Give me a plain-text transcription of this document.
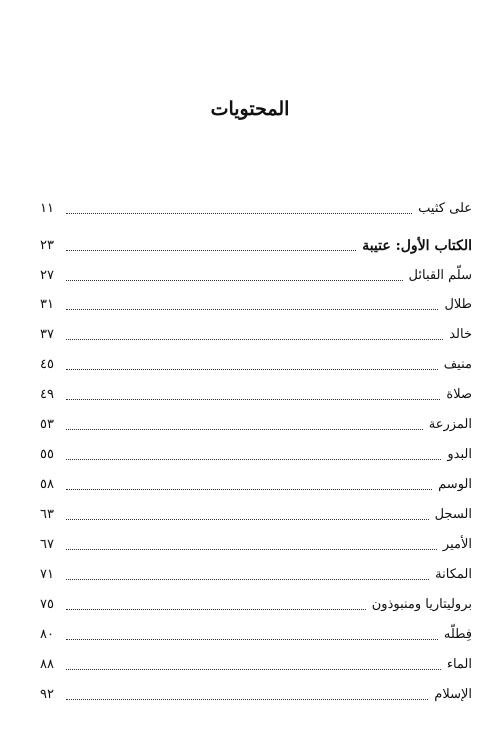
المحتويات
على كثيب
١١
الكتاب الأول: عتيبة
٢٣
سلّم القبائل
٢٧
طلال
٣١
خالد
٣٧
منيف
٤٥
صلاة
٤٩
المزرعة
٥٣
البدو
٥٥
الوسم
٥٨
السجل
٦٣
الأمير
٦٧
المكانة
٧١
بروليتاريا ومنبوذون
٧٥
فِطلّه
٨٠
الماء
٨٨
الإسلام
٩٢
